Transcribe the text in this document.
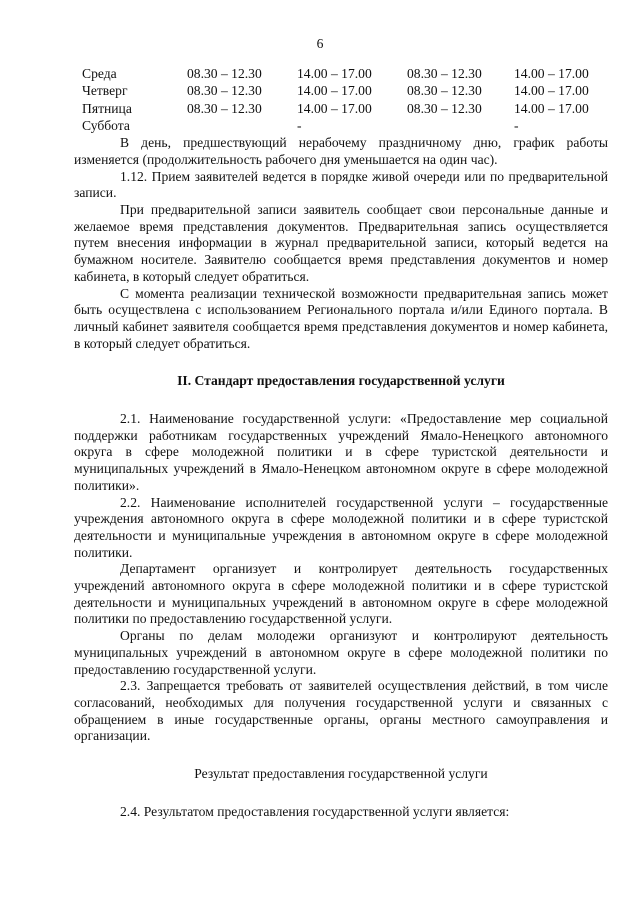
6
Среда	08.30 – 12.30	14.00 – 17.00	08.30 – 12.30	14.00 – 17.00
Четверг	08.30 – 12.30	14.00 – 17.00	08.30 – 12.30	14.00 – 17.00
Пятница	08.30 – 12.30	14.00 – 17.00	08.30 – 12.30	14.00 – 17.00
Суббота		-		-

В день, предшествующий нерабочему праздничному дню, график работы изменяется (продолжительность рабочего дня уменьшается на один час).

1.12. Прием заявителей ведется в порядке живой очереди или по предварительной записи.

При предварительной записи заявитель сообщает свои персональные данные и желаемое время представления документов. Предварительная запись осуществляется путем внесения информации в журнал предварительной записи, который ведется на бумажном носителе. Заявителю сообщается время представления документов и номер кабинета, в который следует обратиться.

С момента реализации технической возможности предварительная запись может быть осуществлена с использованием Регионального портала и/или Единого портала. В личный кабинет заявителя сообщается время представления документов и номер кабинета, в который следует обратиться.

II. Стандарт предоставления государственной услуги

2.1. Наименование государственной услуги: «Предоставление мер социальной поддержки работникам государственных учреждений Ямало-Ненецкого автономного округа в сфере молодежной политики и в сфере туристской деятельности и муниципальных учреждений в Ямало-Ненецком автономном округе в сфере молодежной политики».

2.2. Наименование исполнителей государственной услуги – государственные учреждения автономного округа в сфере молодежной политики и в сфере туристской деятельности и муниципальные учреждения в автономном округе в сфере молодежной политики.

Департамент организует и контролирует деятельность государственных учреждений автономного округа в сфере молодежной политики и в сфере туристской деятельности и муниципальных учреждений в автономном округе в сфере молодежной политики по предоставлению государственной услуги.

Органы по делам молодежи организуют и контролируют деятельность муниципальных учреждений в автономном округе в сфере молодежной политики по предоставлению государственной услуги.

2.3. Запрещается требовать от заявителей осуществления действий, в том числе согласований, необходимых для получения государственной услуги и связанных с обращением в иные государственные органы, органы местного самоуправления и организации.

Результат предоставления государственной услуги

2.4. Результатом предоставления государственной услуги является:
